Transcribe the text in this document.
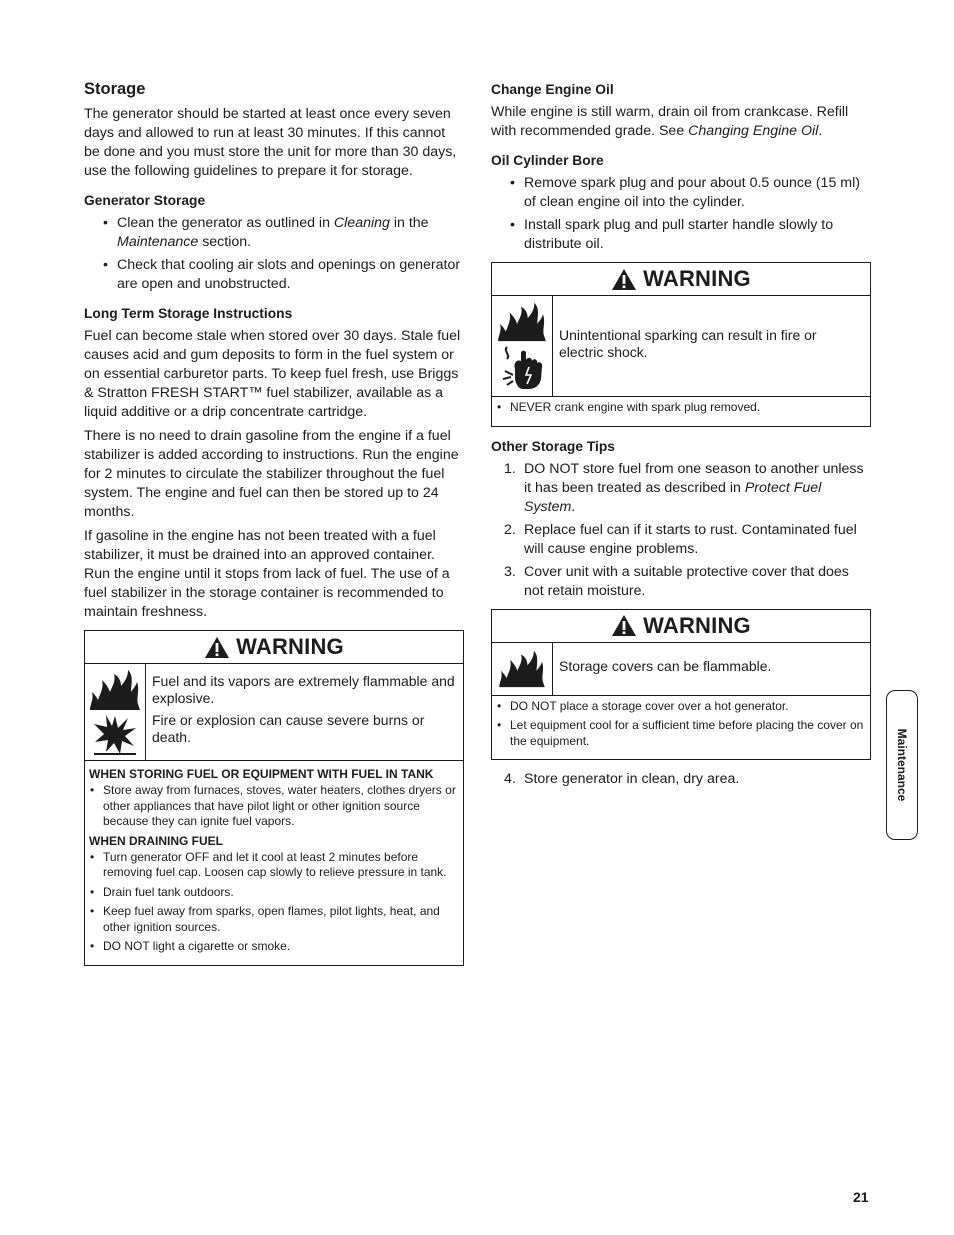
Storage

The generator should be started at least once every seven days and allowed to run at least 30 minutes. If this cannot be done and you must store the unit for more than 30 days, use the following guidelines to prepare it for storage.

Generator Storage
• Clean the generator as outlined in Cleaning in the Maintenance section.
• Check that cooling air slots and openings on generator are open and unobstructed.
Long Term Storage Instructions

Fuel can become stale when stored over 30 days. Stale fuel causes acid and gum deposits to form in the fuel system or on essential carburetor parts. To keep fuel fresh, use Briggs & Stratton FRESH START™ fuel stabilizer, available as a liquid additive or a drip concentrate cartridge.

There is no need to drain gasoline from the engine if a fuel stabilizer is added according to instructions. Run the engine for 2 minutes to circulate the stabilizer throughout the fuel system. The engine and fuel can then be stored up to 24 months.

If gasoline in the engine has not been treated with a fuel stabilizer, it must be drained into an approved container. Run the engine until it stops from lack of fuel. The use of a fuel stabilizer in the storage container is recommended to maintain freshness.

WARNING

Fuel and its vapors are extremely flammable and explosive.

Fire or explosion can cause severe burns or death.

WHEN STORING FUEL OR EQUIPMENT WITH FUEL IN TANK
• Store away from furnaces, stoves, water heaters, clothes dryers or other appliances that have pilot light or other ignition source because they can ignite fuel vapors.
WHEN DRAINING FUEL
• Turn generator OFF and let it cool at least 2 minutes before removing fuel cap. Loosen cap slowly to relieve pressure in tank.
• Drain fuel tank outdoors.
• Keep fuel away from sparks, open flames, pilot lights, heat, and other ignition sources.
• DO NOT light a cigarette or smoke.
Change Engine Oil

While engine is still warm, drain oil from crankcase. Refill with recommended grade. See Changing Engine Oil.

Oil Cylinder Bore
• Remove spark plug and pour about 0.5 ounce (15 ml) of clean engine oil into the cylinder.
• Install spark plug and pull starter handle slowly to distribute oil.
WARNING

Unintentional sparking can result in fire or electric shock.

• NEVER crank engine with spark plug removed.
Other Storage Tips
1. DO NOT store fuel from one season to another unless it has been treated as described in Protect Fuel System.
2. Replace fuel can if it starts to rust. Contaminated fuel will cause engine problems.
3. Cover unit with a suitable protective cover that does not retain moisture.
WARNING

Storage covers can be flammable.

• DO NOT place a storage cover over a hot generator.
• Let equipment cool for a sufficient time before placing the cover on the equipment.
4. Store generator in clean, dry area.	Maintenance
21
